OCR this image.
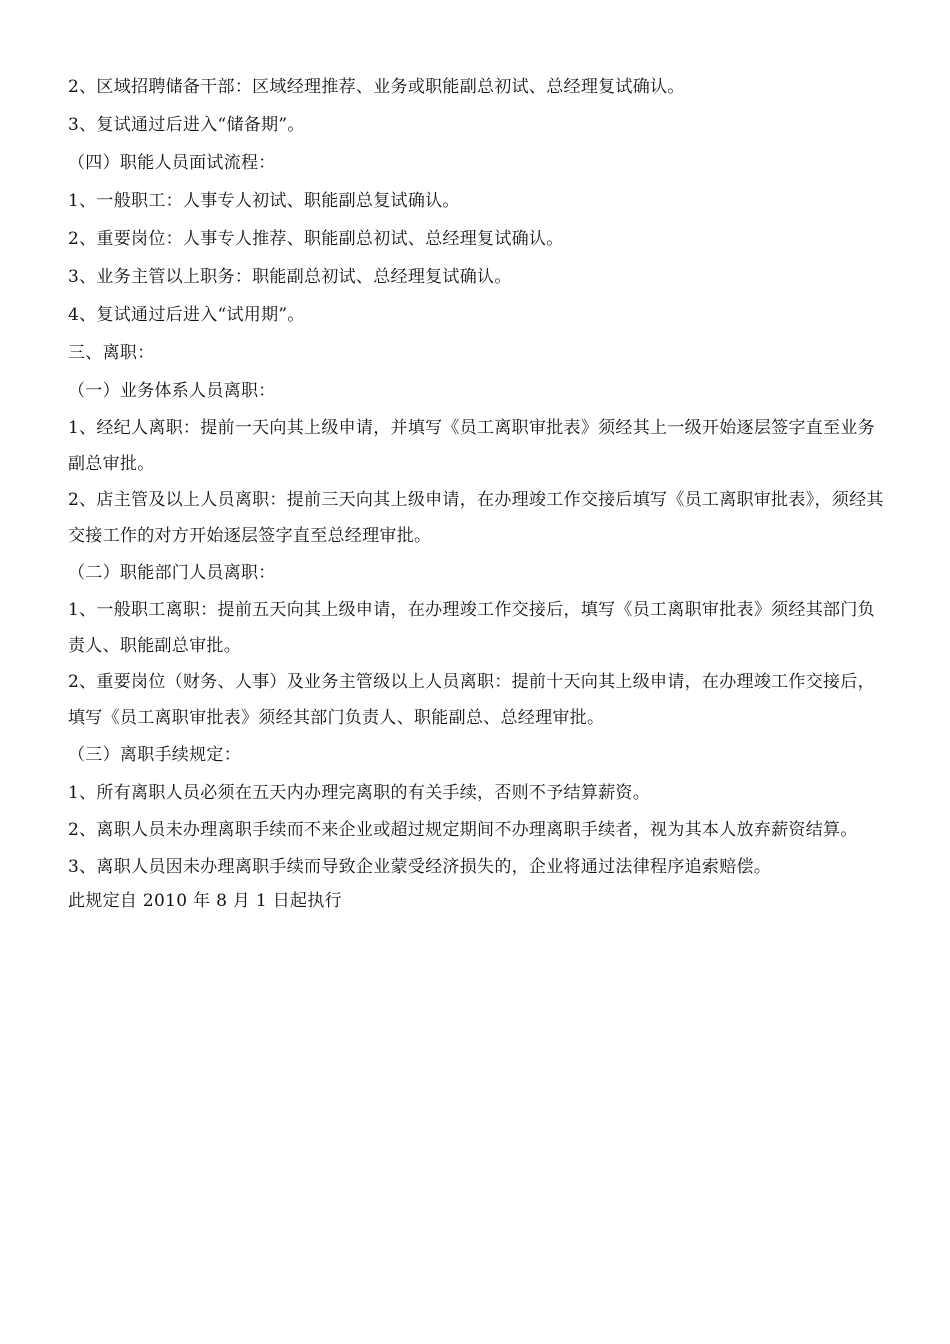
2、区域招聘储备干部：区域经理推荐、业务或职能副总初试、总经理复试确认。

3、复试通过后进入“储备期”。

（四）职能人员面试流程：

1、一般职工：人事专人初试、职能副总复试确认。

2、重要岗位：人事专人推荐、职能副总初试、总经理复试确认。

3、业务主管以上职务：职能副总初试、总经理复试确认。

4、复试通过后进入“试用期”。

三、离职：

（一）业务体系人员离职：

1、经纪人离职：提前一天向其上级申请，并填写《员工离职审批表》须经其上一级开始逐层签字直至业务副总审批。

2、店主管及以上人员离职：提前三天向其上级申请，在办理竣工作交接后填写《员工离职审批表》，须经其交接工作的对方开始逐层签字直至总经理审批。

（二）职能部门人员离职：

1、一般职工离职：提前五天向其上级申请，在办理竣工作交接后，填写《员工离职审批表》须经其部门负责人、职能副总审批。

2、重要岗位（财务、人事）及业务主管级以上人员离职：提前十天向其上级申请，在办理竣工作交接后，填写《员工离职审批表》须经其部门负责人、职能副总、总经理审批。

（三）离职手续规定：

1、所有离职人员必须在五天内办理完离职的有关手续，否则不予结算薪资。

2、离职人员未办理离职手续而不来企业或超过规定期间不办理离职手续者，视为其本人放弃薪资结算。

3、离职人员因未办理离职手续而导致企业蒙受经济损失的，企业将通过法律程序追索赔偿。

此规定自 2010 年 8 月 1 日起执行
